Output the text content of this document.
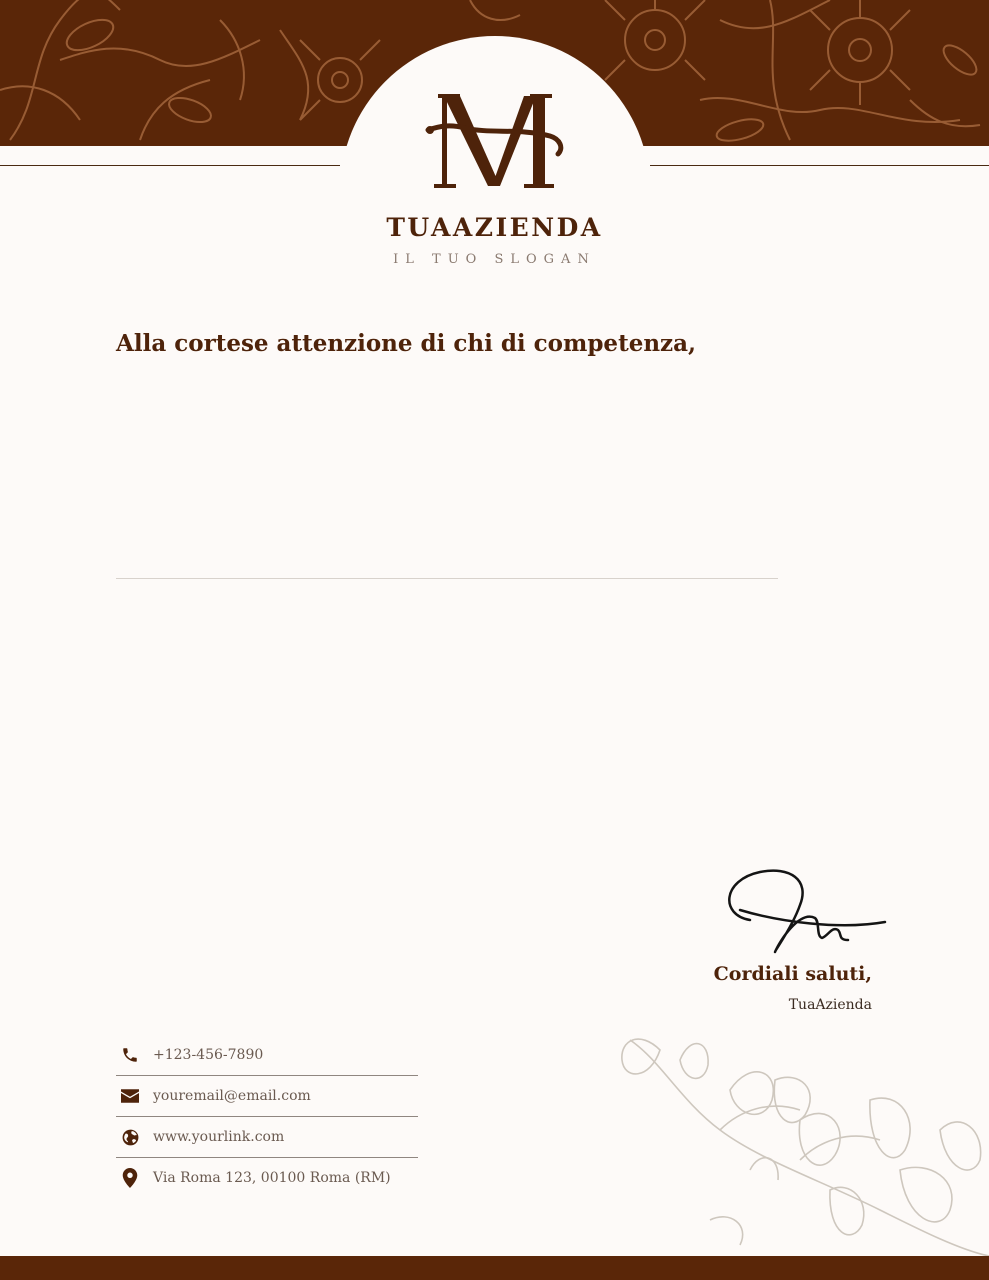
TUAAZIENDA
IL TUO SLOGAN
Alla cortese attenzione di chi di competenza,
Cordiali saluti,
TuaAzienda
+123-456-7890
youremail@email.com
www.yourlink.com
Via Roma 123, 00100 Roma (RM)
